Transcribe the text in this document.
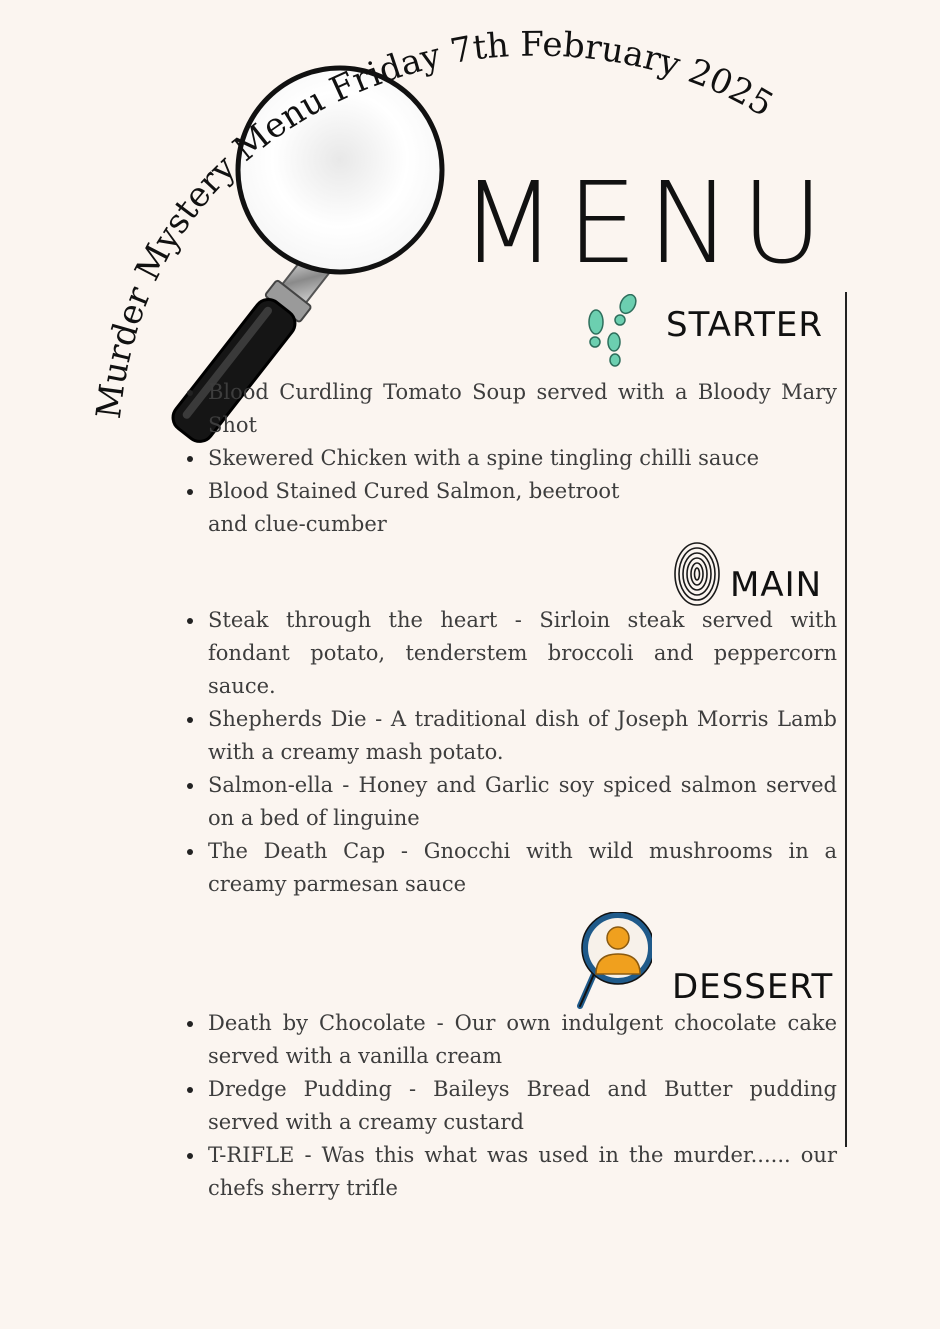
Murder Mystery Menu Friday 7th February 2025
MENU
STARTER
Blood Curdling Tomato Soup served with a Bloody Mary Shot
Skewered Chicken with a spine tingling chilli sauce
Blood Stained Cured Salmon, beetroot and clue-cumber
MAIN
Steak through the heart - Sirloin steak served with fondant potato, tenderstem broccoli and peppercorn sauce.
Shepherds Die - A traditional dish of Joseph Morris Lamb with a creamy mash potato.
Salmon-ella - Honey and Garlic soy spiced salmon served on a bed of linguine
The Death Cap - Gnocchi with wild mushrooms in a creamy parmesan sauce
DESSERT
Death by Chocolate - Our own indulgent chocolate cake served with a vanilla cream
Dredge Pudding - Baileys Bread and Butter pudding served with a creamy custard
T-RIFLE - Was this what was used in the murder...... our chefs sherry trifle
